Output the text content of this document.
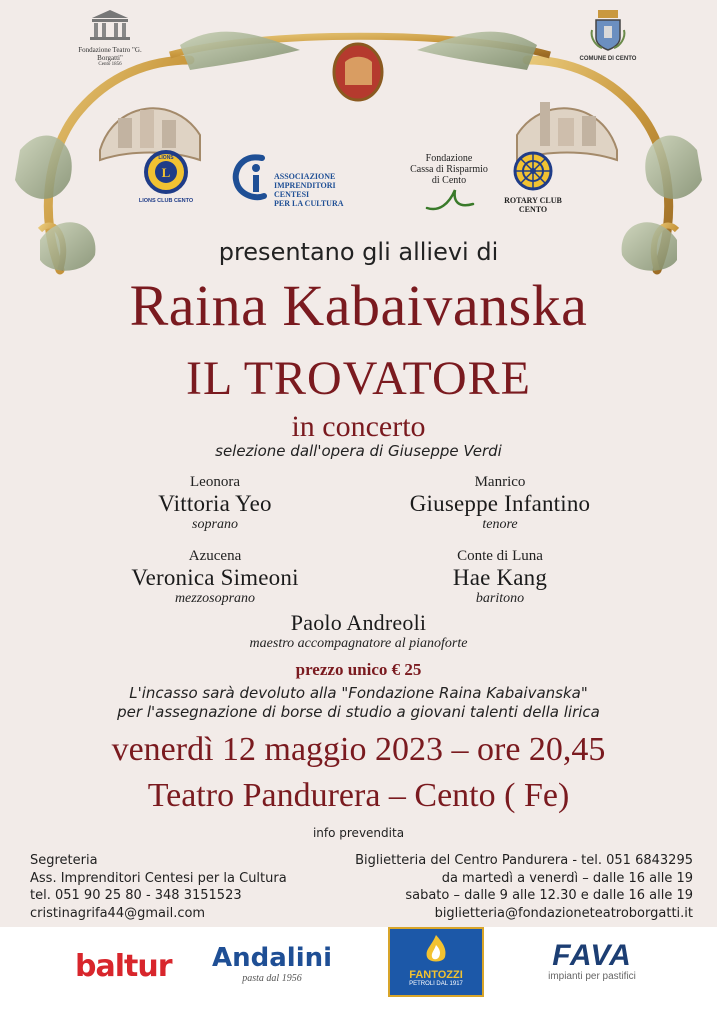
Fondazione Teatro "G. Borgatti"
Cento 1856
COMUNE DI CENTO
L
LIONS
LIONS CLUB CENTO
ASSOCIAZIONE
IMPRENDITORI
CENTESI
PER LA CULTURA
Fondazione
Cassa di Risparmio
di Cento
ROTARY CLUB
CENTO
presentano gli allievi di
Raina Kabaivanska
IL TROVATORE
in concerto
selezione dall'opera di Giuseppe Verdi
Leonora
Vittoria Yeo
soprano
Manrico
Giuseppe Infantino
tenore
Azucena
Veronica Simeoni
mezzosoprano
Conte di Luna
Hae Kang
baritono
Paolo Andreoli
maestro accompagnatore al pianoforte
prezzo unico € 25
L'incasso sarà devoluto alla "Fondazione Raina Kabaivanska"
per l'assegnazione di borse di studio a giovani talenti della lirica
venerdì 12 maggio 2023 – ore 20,45
Teatro Pandurera – Cento ( Fe)
info prevendita
Segreteria
Ass. Imprenditori Centesi per la Cultura
tel. 051 90 25 80 - 348 3151523
cristinagrifa44@gmail.com
Biglietteria del Centro Pandurera - tel. 051 6843295
da martedì a venerdì – dalle 16 alle 19
sabato – dalle 9 alle 12.30 e dalle 16 alle 19
biglietteria@fondazioneteatroborgatti.it
baltur Andalini
pasta dal 1956	FANTOZZI
PETROLI DAL 1917
FAVA
impianti per pastifici
